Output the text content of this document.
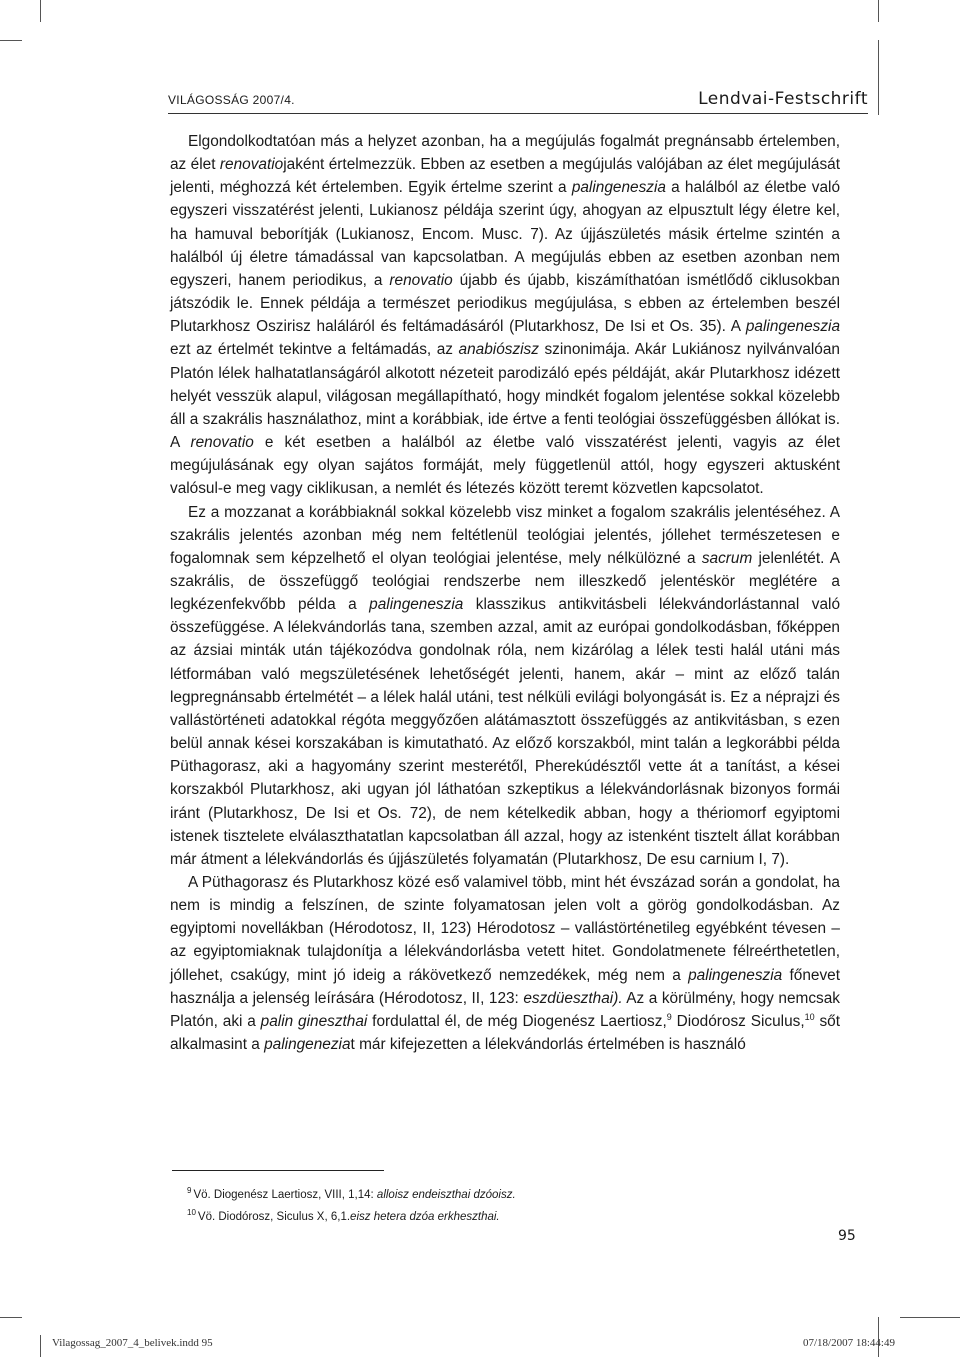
VILÁGOSSÁG 2007/4.	Lendvai-Festschrift

Elgondolkodtatóan más a helyzet azonban, ha a megújulás fogalmát pregnánsabb értelemben, az élet renovatiojaként értelmezzük. Ebben az esetben a megújulás valójában az élet megújulását jelenti, méghozzá két értelemben. Egyik értelme szerint a palingeneszia a halálból az életbe való egyszeri visszatérést jelenti, Lukianosz példája szerint úgy, ahogyan az elpusztult légy életre kel, ha hamuval beborítják (Lukianosz, Encom. Musc. 7). Az újjászületés másik értelme szintén a halálból új életre támadással van kapcsolatban. A megújulás ebben az esetben azonban nem egyszeri, hanem periodikus, a renovatio újabb és újabb, kiszámíthatóan ismétlődő ciklusokban játszódik le. Ennek példája a természet periodikus megújulása, s ebben az értelemben beszél Plutarkhosz Oszirisz haláláról és feltámadásáról (Plutarkhosz, De Isi et Os. 35). A palingeneszia ezt az értelmét tekintve a feltámadás, az anabiószisz szinonimája. Akár Lukiánosz nyilvánvalóan Platón lélek halhatatlanságáról alkotott nézeteit parodizáló epés példáját, akár Plutarkhosz idézett helyét vesszük alapul, világosan megállapítható, hogy mindkét fogalom jelentése sokkal közelebb áll a szakrális használathoz, mint a korábbiak, ide értve a fenti teológiai összefüggésben állókat is. A renovatio e két esetben a halálból az életbe való visszatérést jelenti, vagyis az élet megújulásának egy olyan sajátos formáját, mely függetlenül attól, hogy egyszeri aktusként valósul-e meg vagy ciklikusan, a nemlét és létezés között teremt közvetlen kapcsolatot.

Ez a mozzanat a korábbiaknál sokkal közelebb visz minket a fogalom szakrális jelentéséhez. A szakrális jelentés azonban még nem feltétlenül teológiai jelentés, jóllehet természetesen e fogalomnak sem képzelhető el olyan teológiai jelentése, mely nélkülözné a sacrum jelenlétét. A szakrális, de összefüggő teológiai rendszerbe nem illeszkedő jelentéskör meglétére a legkézenfekvőbb példa a palingeneszia klasszikus antikvitásbeli lélekvándorlástannal való összefüggése. A lélekvándorlás tana, szemben azzal, amit az európai gondolkodásban, főképpen az ázsiai minták után tájékozódva gondolnak róla, nem kizárólag a lélek testi halál utáni más létformában való megszületésének lehetőségét jelenti, hanem, akár – mint az előző talán legpregnánsabb értelmétét – a lélek halál utáni, test nélküli evilági bolyongását is. Ez a néprajzi és vallástörténeti adatokkal régóta meggyőzően alátámasztott összefüggés az antikvitásban, s ezen belül annak kései korszakában is kimutatható. Az előző korszakból, mint talán a legkorábbi példa Püthagorasz, aki a hagyomány szerint mesterétől, Pherekúdésztől vette át a tanítást, a kései korszakból Plutarkhosz, aki ugyan jól láthatóan szkeptikus a lélekvándorlásnak bizonyos formái iránt (Plutarkhosz, De Isi et Os. 72), de nem kételkedik abban, hogy a thériomorf egyiptomi istenek tisztelete elválaszthatatlan kapcsolatban áll azzal, hogy az istenként tisztelt állat korábban már átment a lélekvándorlás és újjászületés folyamatán (Plutarkhosz, De esu carnium I, 7).

A Püthagorasz és Plutarkhosz közé eső valamivel több, mint hét évszázad során a gondolat, ha nem is mindig a felszínen, de szinte folyamatosan jelen volt a görög gondolkodásban. Az egyiptomi novellákban (Hérodotosz, II, 123) Hérodotosz – vallástörténetileg egyébként tévesen – az egyiptomiaknak tulajdonítja a lélekvándorlásba vetett hitet. Gondolatmenete félreérthetetlen, jóllehet, csakúgy, mint jó ideig a rákövetkező nemzedékek, még nem a palingeneszia főnevet használja a jelenség leírására (Hérodotosz, II, 123: eszdüeszthai). Az a körülmény, hogy nemcsak Platón, aki a palin gineszthai fordulattal él, de még Diogenész Laertiosz,$^9$ Diodórosz Siculus,$^{10}$ sőt alkalmasint a palingeneziat már kifejezetten a lélekvándorlás értelmében is használó

$^9$ Vö. Diogenész Laertiosz, VIII, 1,14: alloisz endeiszthai dzóoisz.
$^{10}$ Vö. Diodórosz, Siculus X, 6,1.eisz hetera dzóa erkheszthai.
95
Vilagossag_2007_4_belivek.indd 95	07/18/2007 18:44:49
